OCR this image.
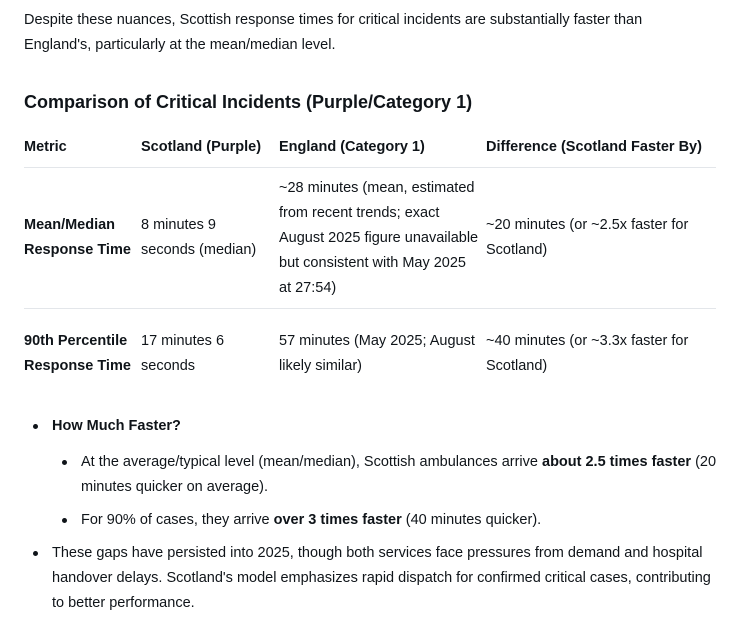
Despite these nuances, Scottish response times for critical incidents are substantially faster than
England's, particularly at the mean/median level.

Comparison of Critical Incidents (Purple/Category 1)
Metric	Scotland (Purple)	England (Category 1)	Difference (Scotland Faster By)

Mean/Median Response Time	8 minutes 9 seconds (median)	~28 minutes (mean, estimated from recent trends; exact August 2025 figure unavailable but consistent with May 2025 at 27:54)	~20 minutes (or ~2.5x faster for Scotland)

90th Percentile Response Time	17 minutes 6 seconds	57 minutes (May 2025; August likely similar)	~40 minutes (or ~3.3x faster for Scotland)
How Much Faster?
At the average/typical level (mean/median), Scottish ambulances arrive about 2.5 times faster (20 minutes quicker on average).
For 90% of cases, they arrive over 3 times faster (40 minutes quicker).
These gaps have persisted into 2025, though both services face pressures from demand and hospital handover delays. Scotland's model emphasizes rapid dispatch for confirmed critical cases, contributing to better performance.
